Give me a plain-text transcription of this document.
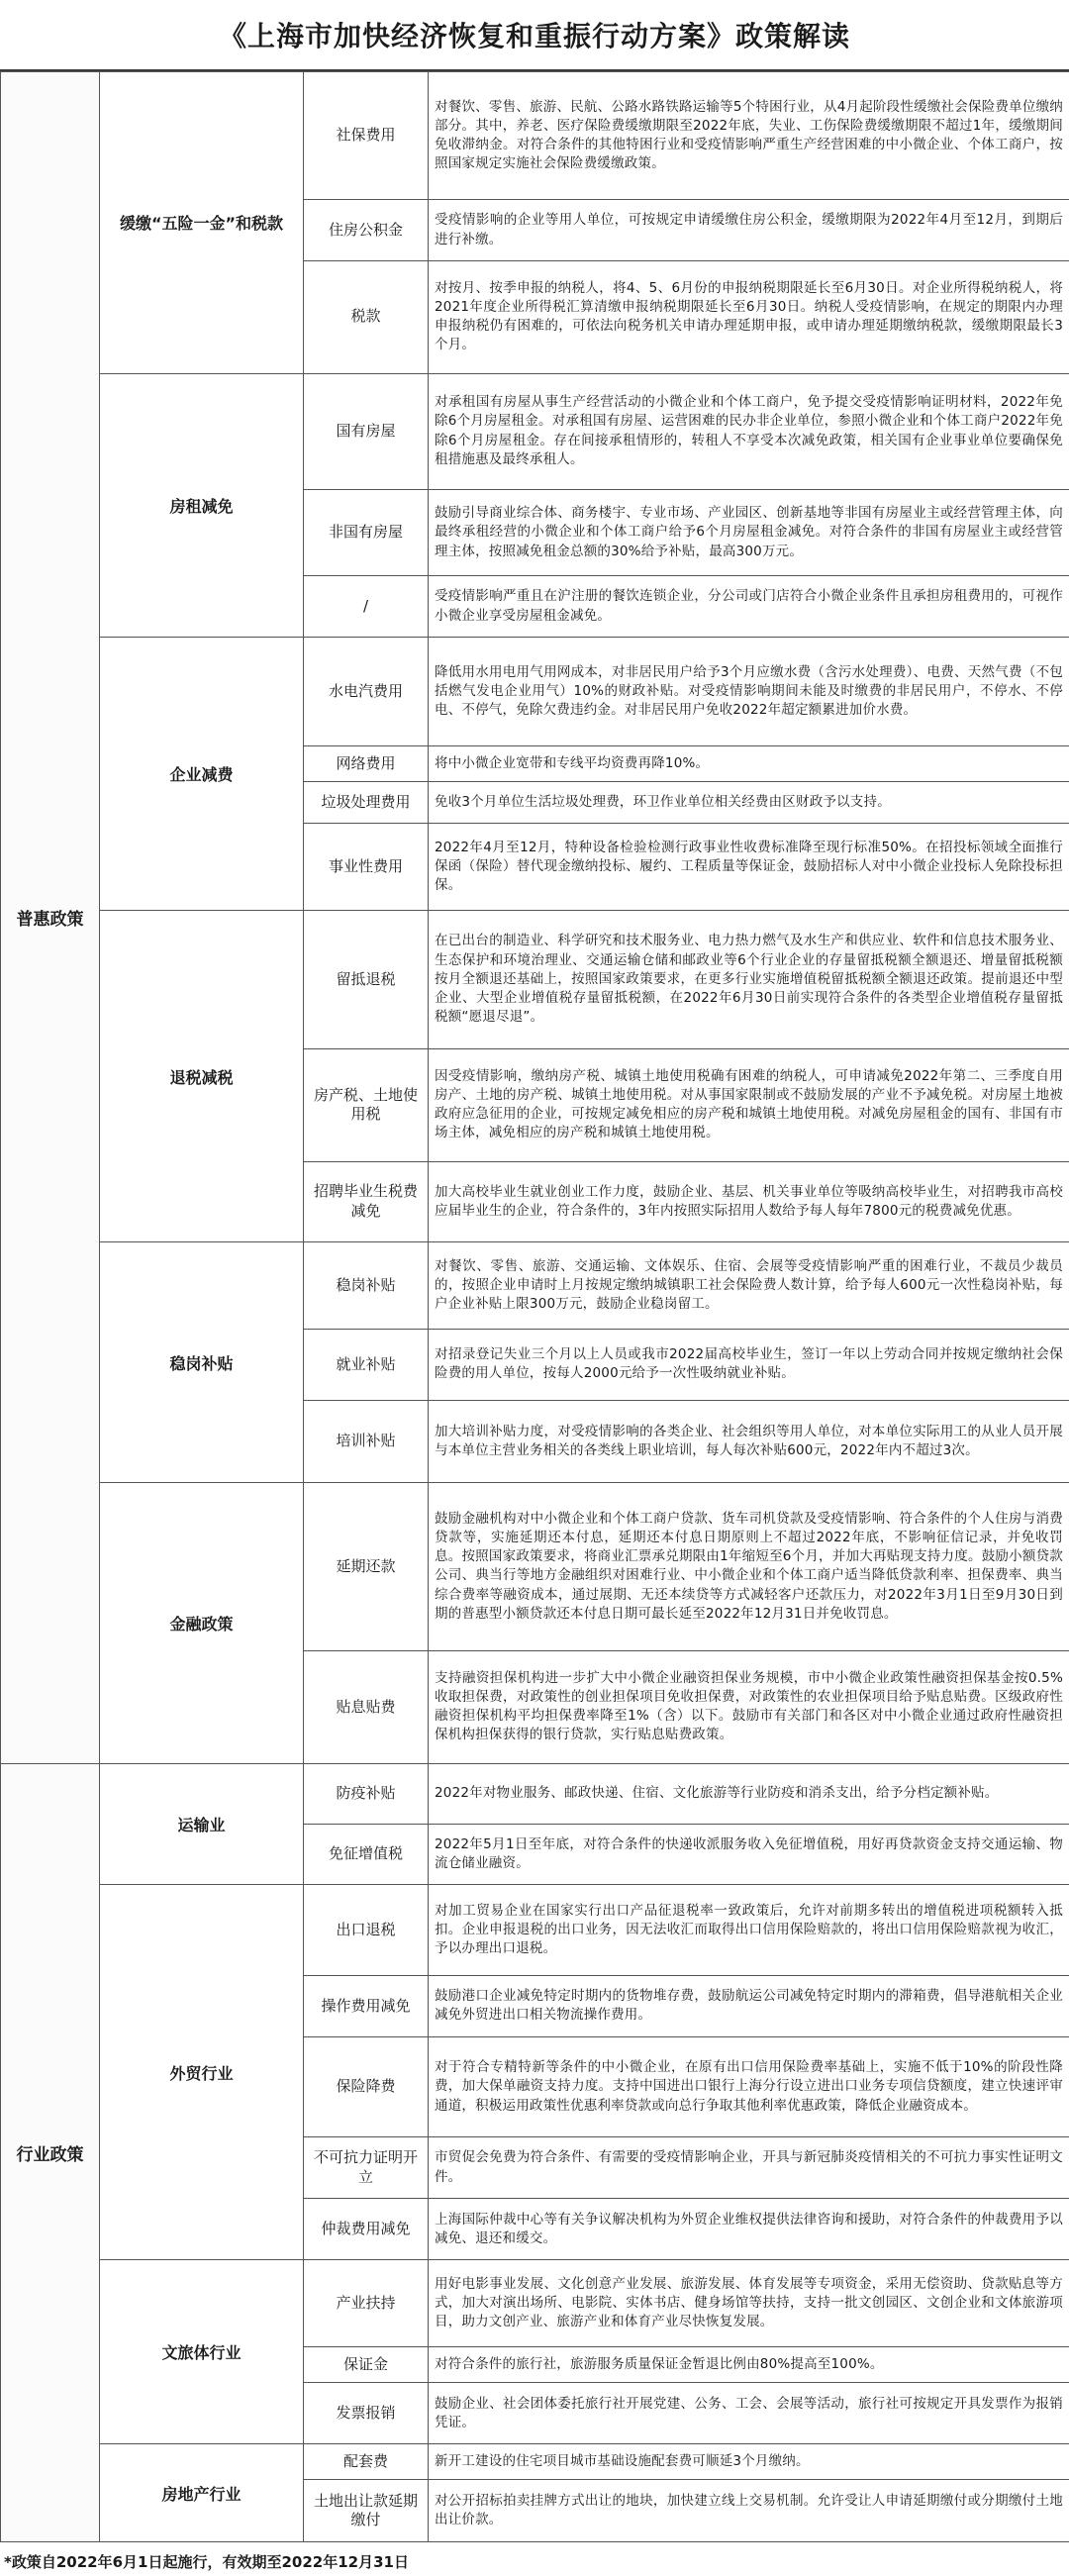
《上海市加快经济恢复和重振行动方案》政策解读
普惠政策	缓缴“五险一金”和税款	社保费用	对餐饮、零售、旅游、民航、公路水路铁路运输等5个特困行业，从4月起阶段性缓缴社会保险费单位缴纳部分。其中，养老、医疗保险费缓缴期限至2022年底，失业、工伤保险费缓缴期限不超过1年，缓缴期间免收滞纳金。对符合条件的其他特困行业和受疫情影响严重生产经营困难的中小微企业、个体工商户，按照国家规定实施社会保险费缓缴政策。
		住房公积金	受疫情影响的企业等用人单位，可按规定申请缓缴住房公积金，缓缴期限为2022年4月至12月，到期后进行补缴。
		税款	对按月、按季申报的纳税人，将4、5、6月份的申报纳税期限延长至6月30日。对企业所得税纳税人，将2021年度企业所得税汇算清缴申报纳税期限延长至6月30日。纳税人受疫情影响，在规定的期限内办理申报纳税仍有困难的，可依法向税务机关申请办理延期申报，或申请办理延期缴纳税款，缓缴期限最长3个月。
	房租减免	国有房屋	对承租国有房屋从事生产经营活动的小微企业和个体工商户，免予提交受疫情影响证明材料，2022年免除6个月房屋租金。对承租国有房屋、运营困难的民办非企业单位，参照小微企业和个体工商户2022年免除6个月房屋租金。存在间接承租情形的，转租人不享受本次减免政策，相关国有企业事业单位要确保免租措施惠及最终承租人。
		非国有房屋	鼓励引导商业综合体、商务楼宇、专业市场、产业园区、创新基地等非国有房屋业主或经营管理主体，向最终承租经营的小微企业和个体工商户给予6个月房屋租金减免。对符合条件的非国有房屋业主或经营管理主体，按照减免租金总额的30%给予补贴，最高300万元。
		/	受疫情影响严重且在沪注册的餐饮连锁企业，分公司或门店符合小微企业条件且承担房租费用的，可视作小微企业享受房屋租金减免。
	企业减费	水电汽费用	降低用水用电用气用网成本，对非居民用户给予3个月应缴水费（含污水处理费）、电费、天然气费（不包括燃气发电企业用气）10%的财政补贴。对受疫情影响期间未能及时缴费的非居民用户，不停水、不停电、不停气，免除欠费违约金。对非居民用户免收2022年超定额累进加价水费。
		网络费用	将中小微企业宽带和专线平均资费再降10%。
		垃圾处理费用	免收3个月单位生活垃圾处理费，环卫作业单位相关经费由区财政予以支持。
		事业性费用	2022年4月至12月，特种设备检验检测行政事业性收费标准降至现行标准50%。在招投标领域全面推行保函（保险）替代现金缴纳投标、履约、工程质量等保证金，鼓励招标人对中小微企业投标人免除投标担保。
	退税减税	留抵退税	在已出台的制造业、科学研究和技术服务业、电力热力燃气及水生产和供应业、软件和信息技术服务业、生态保护和环境治理业、交通运输仓储和邮政业等6个行业企业的存量留抵税额全额退还、增量留抵税额按月全额退还基础上，按照国家政策要求，在更多行业实施增值税留抵税额全额退还政策。提前退还中型企业、大型企业增值税存量留抵税额，在2022年6月30日前实现符合条件的各类型企业增值税存量留抵税额“愿退尽退”。
		房产税、土地使用税	因受疫情影响，缴纳房产税、城镇土地使用税确有困难的纳税人，可申请减免2022年第二、三季度自用房产、土地的房产税、城镇土地使用税。对从事国家限制或不鼓励发展的产业不予减免税。对房屋土地被政府应急征用的企业，可按规定减免相应的房产税和城镇土地使用税。对减免房屋租金的国有、非国有市场主体，减免相应的房产税和城镇土地使用税。
		招聘毕业生税费减免	加大高校毕业生就业创业工作力度，鼓励企业、基层、机关事业单位等吸纳高校毕业生，对招聘我市高校应届毕业生的企业，符合条件的，3年内按照实际招用人数给予每人每年7800元的税费减免优惠。
	稳岗补贴	稳岗补贴	对餐饮、零售、旅游、交通运输、文体娱乐、住宿、会展等受疫情影响严重的困难行业，不裁员少裁员的，按照企业申请时上月按规定缴纳城镇职工社会保险费人数计算，给予每人600元一次性稳岗补贴，每户企业补贴上限300万元，鼓励企业稳岗留工。
		就业补贴	对招录登记失业三个月以上人员或我市2022届高校毕业生，签订一年以上劳动合同并按规定缴纳社会保险费的用人单位，按每人2000元给予一次性吸纳就业补贴。
		培训补贴	加大培训补贴力度，对受疫情影响的各类企业、社会组织等用人单位，对本单位实际用工的从业人员开展与本单位主营业务相关的各类线上职业培训，每人每次补贴600元，2022年内不超过3次。
	金融政策	延期还款	鼓励金融机构对中小微企业和个体工商户贷款、货车司机贷款及受疫情影响、符合条件的个人住房与消费贷款等，实施延期还本付息，延期还本付息日期原则上不超过2022年底，不影响征信记录，并免收罚息。按照国家政策要求，将商业汇票承兑期限由1年缩短至6个月，并加大再贴现支持力度。鼓励小额贷款公司、典当行等地方金融组织对困难行业、中小微企业和个体工商户适当降低贷款利率、担保费率、典当综合费率等融资成本，通过展期、无还本续贷等方式减轻客户还款压力，对2022年3月1日至9月30日到期的普惠型小额贷款还本付息日期可最长延至2022年12月31日并免收罚息。
		贴息贴费	支持融资担保机构进一步扩大中小微企业融资担保业务规模，市中小微企业政策性融资担保基金按0.5%收取担保费，对政策性的创业担保项目免收担保费，对政策性的农业担保项目给予贴息贴费。区级政府性融资担保机构平均担保费率降至1%（含）以下。鼓励市有关部门和各区对中小微企业通过政府性融资担保机构担保获得的银行贷款，实行贴息贴费政策。
行业政策	运输业	防疫补贴	2022年对物业服务、邮政快递、住宿、文化旅游等行业防疫和消杀支出，给予分档定额补贴。
		免征增值税	2022年5月1日至年底，对符合条件的快递收派服务收入免征增值税，用好再贷款资金支持交通运输、物流仓储业融资。
	外贸行业	出口退税	对加工贸易企业在国家实行出口产品征退税率一致政策后，允许对前期多转出的增值税进项税额转入抵扣。企业申报退税的出口业务，因无法收汇而取得出口信用保险赔款的，将出口信用保险赔款视为收汇，予以办理出口退税。
		操作费用减免	鼓励港口企业减免特定时期内的货物堆存费，鼓励航运公司减免特定时期内的滞箱费，倡导港航相关企业减免外贸进出口相关物流操作费用。
		保险降费	对于符合专精特新等条件的中小微企业，在原有出口信用保险费率基础上，实施不低于10%的阶段性降费，加大保单融资支持力度。支持中国进出口银行上海分行设立进出口业务专项信贷额度，建立快速评审通道，积极运用政策性优惠利率贷款或向总行争取其他利率优惠政策，降低企业融资成本。
		不可抗力证明开立	市贸促会免费为符合条件、有需要的受疫情影响企业，开具与新冠肺炎疫情相关的不可抗力事实性证明文件。
		仲裁费用减免	上海国际仲裁中心等有关争议解决机构为外贸企业维权提供法律咨询和援助，对符合条件的仲裁费用予以减免、退还和缓交。
	文旅体行业	产业扶持	用好电影事业发展、文化创意产业发展、旅游发展、体育发展等专项资金，采用无偿资助、贷款贴息等方式，加大对演出场所、电影院、实体书店、健身场馆等扶持，支持一批文创园区、文创企业和文体旅游项目，助力文创产业、旅游产业和体育产业尽快恢复发展。
		保证金	对符合条件的旅行社，旅游服务质量保证金暂退比例由80%提高至100%。
		发票报销	鼓励企业、社会团体委托旅行社开展党建、公务、工会、会展等活动，旅行社可按规定开具发票作为报销凭证。
	房地产行业	配套费	新开工建设的住宅项目城市基础设施配套费可顺延3个月缴纳。
		土地出让款延期缴付	对公开招标拍卖挂牌方式出让的地块，加快建立线上交易机制。允许受让人申请延期缴付或分期缴付土地出让价款。
*政策自2022年6月1日起施行，有效期至2022年12月31日
